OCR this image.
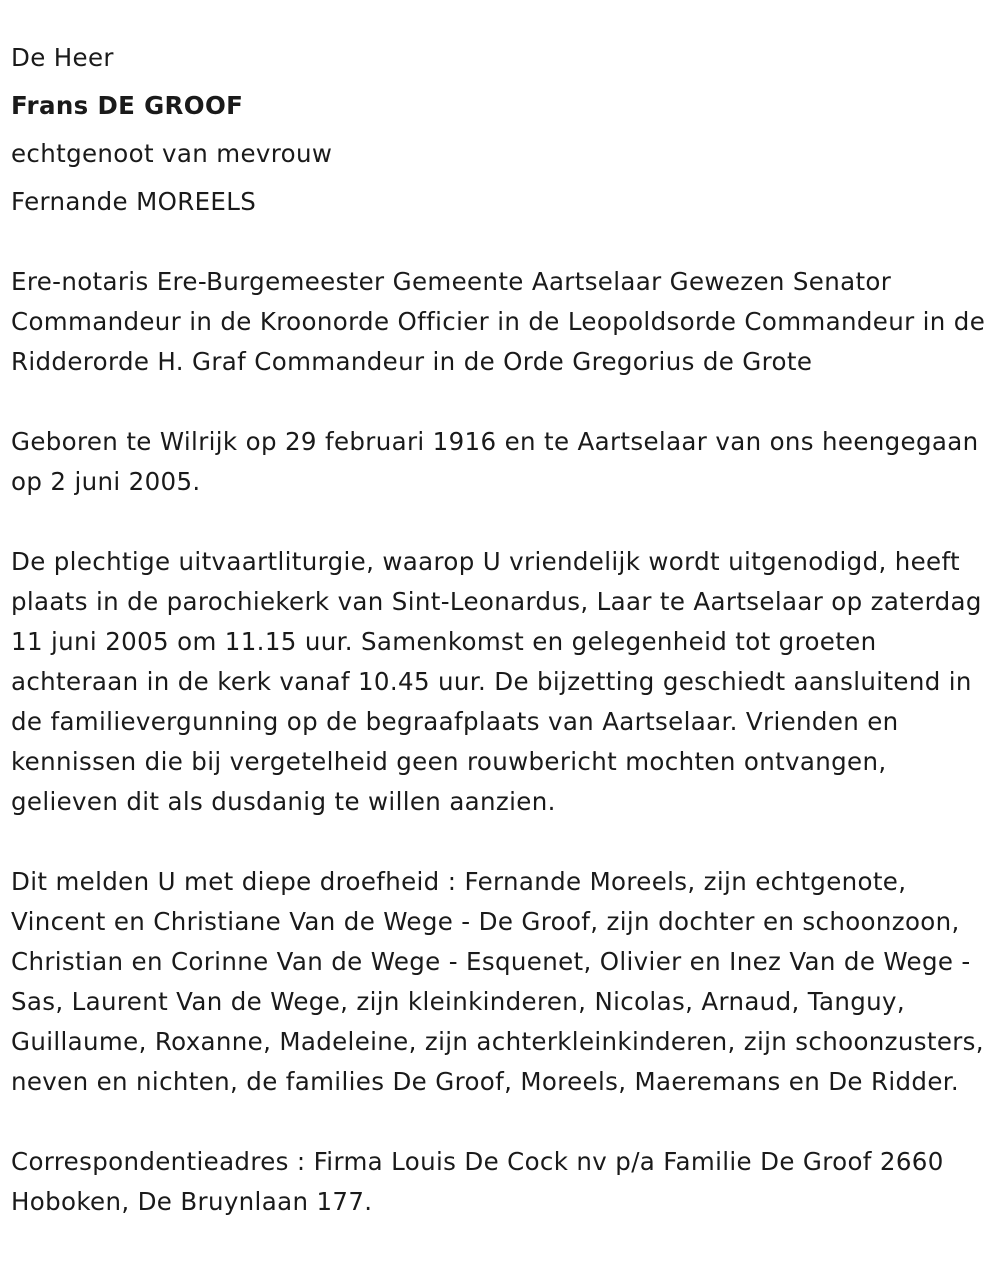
De Heer
Frans DE GROOF
echtgenoot van mevrouw
Fernande MOREELS

Ere-notaris Ere-Burgemeester Gemeente Aartselaar Gewezen Senator Commandeur in de Kroonorde Officier in de Leopoldsorde Commandeur in de Ridderorde H. Graf Commandeur in de Orde Gregorius de Grote

Geboren te Wilrijk op 29 februari 1916 en te Aartselaar van ons heengegaan op 2 juni 2005.

De plechtige uitvaartliturgie, waarop U vriendelijk wordt uitgenodigd, heeft plaats in de parochiekerk van Sint-Leonardus, Laar te Aartselaar op zaterdag 11 juni 2005 om 11.15 uur. Samenkomst en gelegenheid tot groeten achteraan in de kerk vanaf 10.45 uur. De bijzetting geschiedt aansluitend in de familievergunning op de begraafplaats van Aartselaar. Vrienden en kennissen die bij vergetelheid geen rouwbericht mochten ontvangen, gelieven dit als dusdanig te willen aanzien.

Dit melden U met diepe droefheid : Fernande Moreels, zijn echtgenote, Vincent en Christiane Van de Wege - De Groof, zijn dochter en schoonzoon, Christian en Corinne Van de Wege - Esquenet, Olivier en Inez Van de Wege - Sas, Laurent Van de Wege, zijn kleinkinderen, Nicolas, Arnaud, Tanguy, Guillaume, Roxanne, Madeleine, zijn achterkleinkinderen, zijn schoonzusters, neven en nichten, de families De Groof, Moreels, Maeremans en De Ridder.

Correspondentieadres : Firma Louis De Cock nv p/a Familie De Groof 2660 Hoboken, De Bruynlaan 177.
